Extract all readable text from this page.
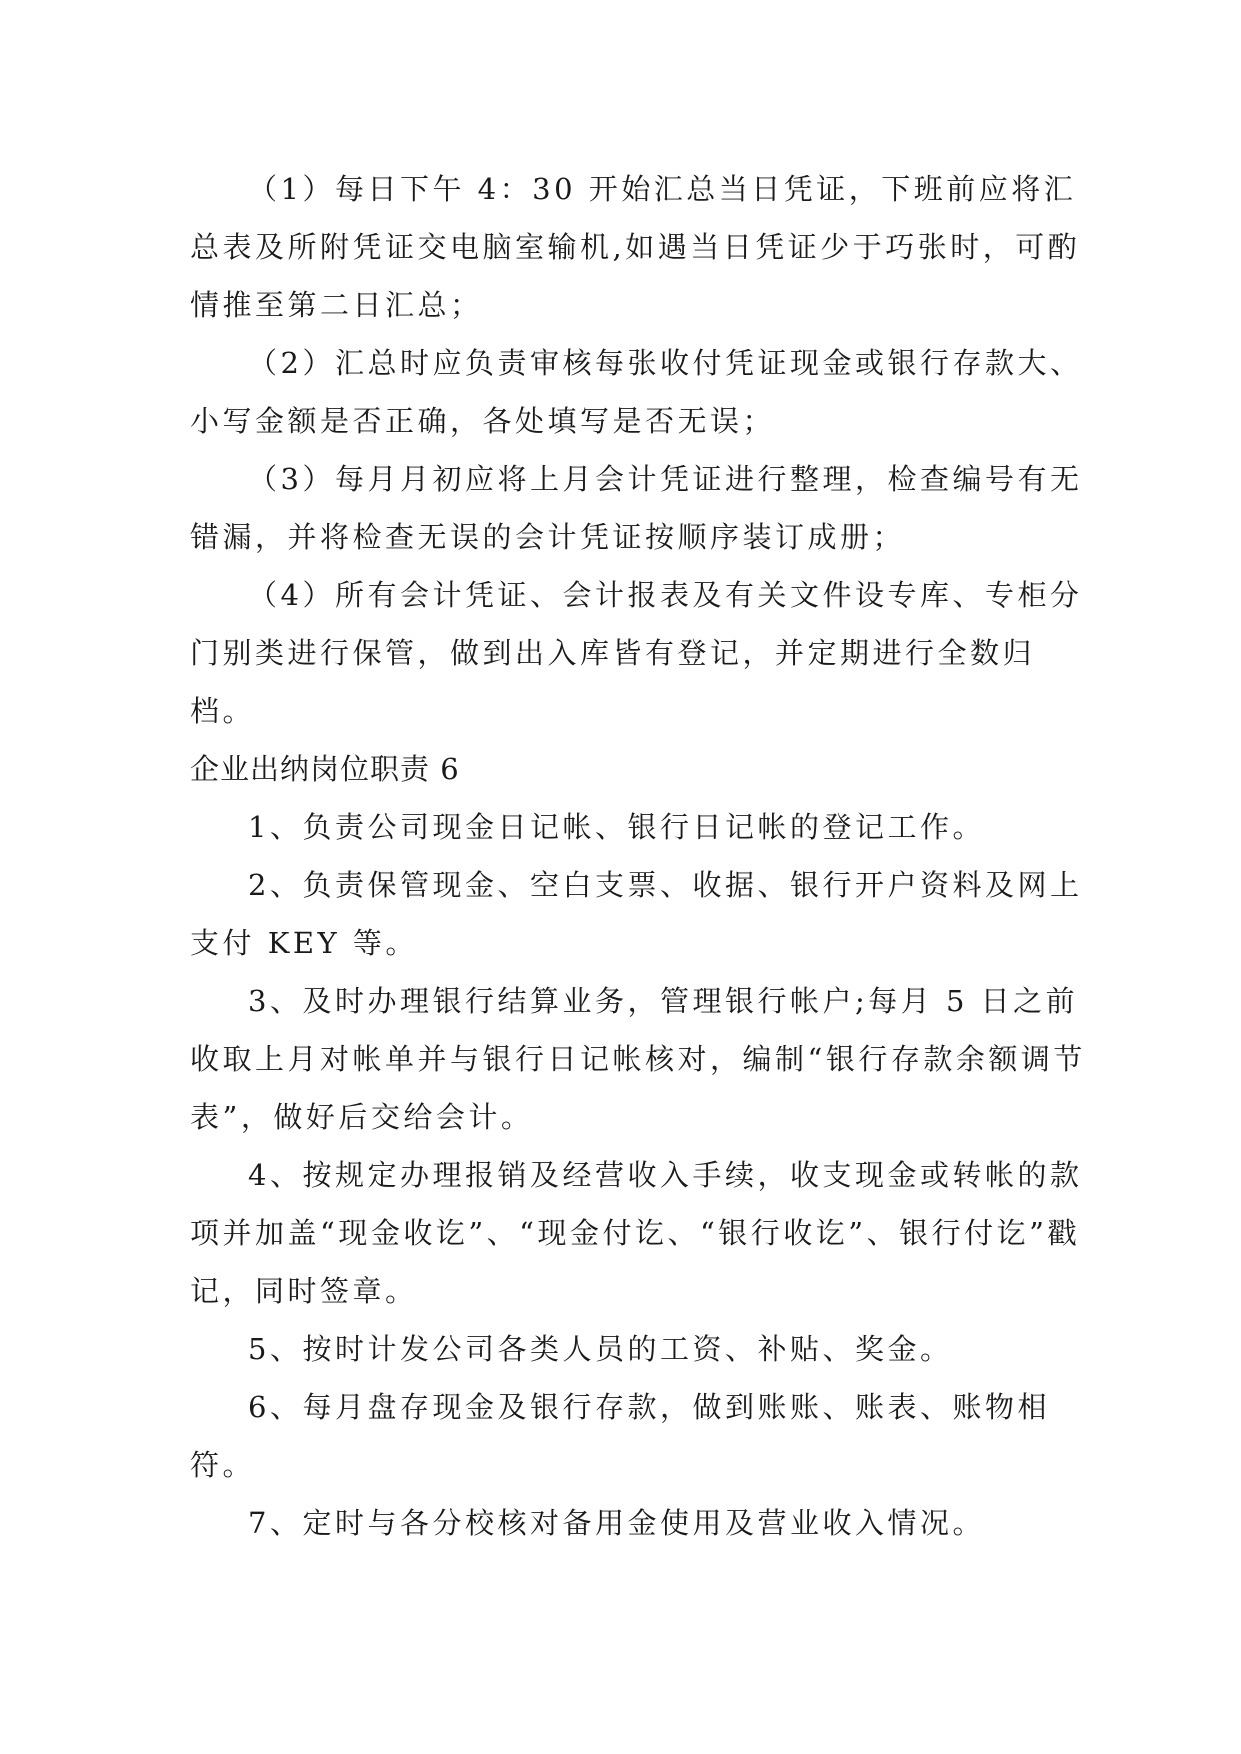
（1）每日下午 4：30 开始汇总当日凭证，下班前应将汇总表及所附凭证交电脑室输机,如遇当日凭证少于巧张时，可酌情推至第二日汇总；

（2）汇总时应负责审核每张收付凭证现金或银行存款大、小写金额是否正确，各处填写是否无误；

（3）每月月初应将上月会计凭证进行整理，检查编号有无错漏，并将检查无误的会计凭证按顺序装订成册；

（4）所有会计凭证、会计报表及有关文件设专库、专柜分门别类进行保管，做到出入库皆有登记，并定期进行全数归档。

企业出纳岗位职责 6

1、负责公司现金日记帐、银行日记帐的登记工作。

2、负责保管现金、空白支票、收据、银行开户资料及网上支付 KEY 等。

3、及时办理银行结算业务，管理银行帐户;每月 5 日之前收取上月对帐单并与银行日记帐核对，编制“银行存款余额调节表”，做好后交给会计。

4、按规定办理报销及经营收入手续，收支现金或转帐的款项并加盖“现金收讫”、“现金付讫、“银行收讫”、银行付讫”戳记，同时签章。

5、按时计发公司各类人员的工资、补贴、奖金。

6、每月盘存现金及银行存款，做到账账、账表、账物相符。

7、定时与各分校核对备用金使用及营业收入情况。
